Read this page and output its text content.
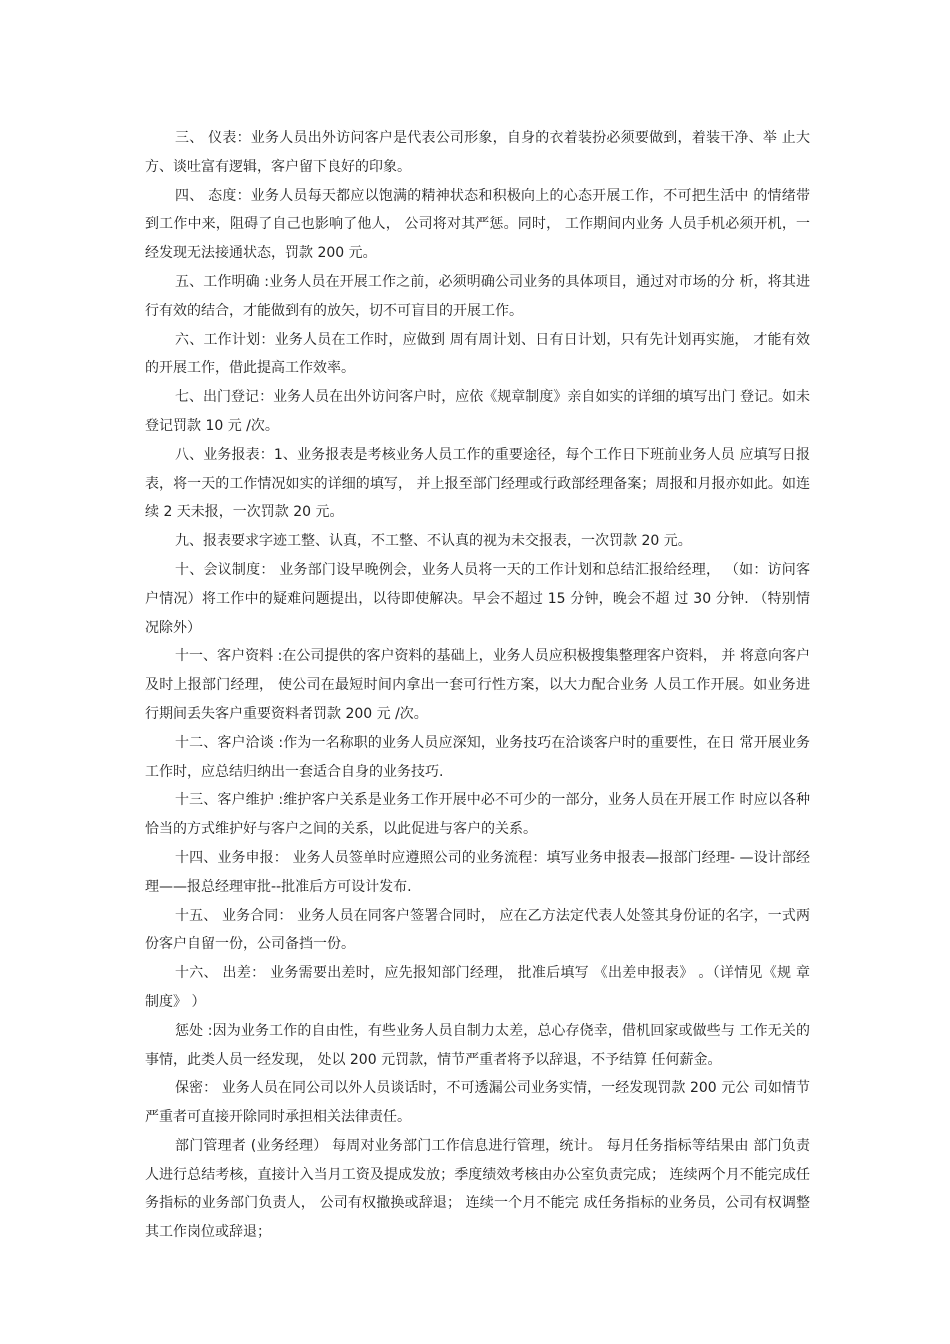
三、 仪表：业务人员出外访问客户是代表公司形象，自身的衣着装扮必须要做到，着装干净、举 止大方、谈吐富有逻辑，客户留下良好的印象。

四、 态度：业务人员每天都应以饱满的精神状态和积极向上的心态开展工作，不可把生活中 的情绪带到工作中来，阻碍了自己也影响了他人， 公司将对其严惩。同时， 工作期间内业务 人员手机必须开机，一经发现无法接通状态，罚款 200 元。

五、工作明确 :业务人员在开展工作之前，必须明确公司业务的具体项目，通过对市场的分 析，将其进行有效的结合，才能做到有的放矢，切不可盲目的开展工作。

六、工作计划：业务人员在工作时，应做到 周有周计划、日有日计划，只有先计划再实施， 才能有效的开展工作，借此提高工作效率。

七、出门登记：业务人员在出外访问客户时，应依《规章制度》亲自如实的详细的填写出门 登记。如未登记罚款 10 元 /次。

八、业务报表：1、业务报表是考核业务人员工作的重要途径，每个工作日下班前业务人员 应填写日报表，将一天的工作情况如实的详细的填写， 并上报至部门经理或行政部经理备案；周报和月报亦如此。如连续 2 天未报，一次罚款 20 元。

九、报表要求字迹工整、认真，不工整、不认真的视为未交报表，一次罚款 20 元。

十、会议制度： 业务部门设早晚例会，业务人员将一天的工作计划和总结汇报给经理， （如：访问客户情况）将工作中的疑难问题提出，以待即使解决。早会不超过 15 分钟，晚会不超 过 30 分钟. （特别情况除外）

十一、客户资料 :在公司提供的客户资料的基础上，业务人员应积极搜集整理客户资料， 并 将意向客户及时上报部门经理， 使公司在最短时间内拿出一套可行性方案，以大力配合业务 人员工作开展。如业务进行期间丢失客户重要资料者罚款 200 元 /次。

十二、客户洽谈 :作为一名称职的业务人员应深知，业务技巧在洽谈客户时的重要性，在日 常开展业务工作时，应总结归纳出一套适合自身的业务技巧.

十三、客户维护 :维护客户关系是业务工作开展中必不可少的一部分，业务人员在开展工作 时应以各种恰当的方式维护好与客户之间的关系，以此促进与客户的关系。

十四、业务申报： 业务人员签单时应遵照公司的业务流程：填写业务申报表—报部门经理- —设计部经理——报总经理审批--批准后方可设计发布.

十五、 业务合同： 业务人员在同客户签署合同时， 应在乙方法定代表人处签其身份证的名字，一式两份客户自留一份，公司备挡一份。

十六、 出差： 业务需要出差时，应先报知部门经理， 批准后填写 《出差申报表》 。（详情见《规 章制度》 ）

惩处 :因为业务工作的自由性，有些业务人员自制力太差，总心存侥幸，借机回家或做些与 工作无关的事情，此类人员一经发现， 处以 200 元罚款，情节严重者将予以辞退，不予结算 任何薪金。

保密： 业务人员在同公司以外人员谈话时，不可透漏公司业务实情，一经发现罚款 200 元公 司如情节严重者可直接开除同时承担相关法律责任。

部门管理者 (业务经理） 每周对业务部门工作信息进行管理，统计。 每月任务指标等结果由 部门负责人进行总结考核，直接计入当月工资及提成发放；季度绩效考核由办公室负责完成； 连续两个月不能完成任务指标的业务部门负责人， 公司有权撤换或辞退； 连续一个月不能完 成任务指标的业务员，公司有权调整其工作岗位或辞退；
